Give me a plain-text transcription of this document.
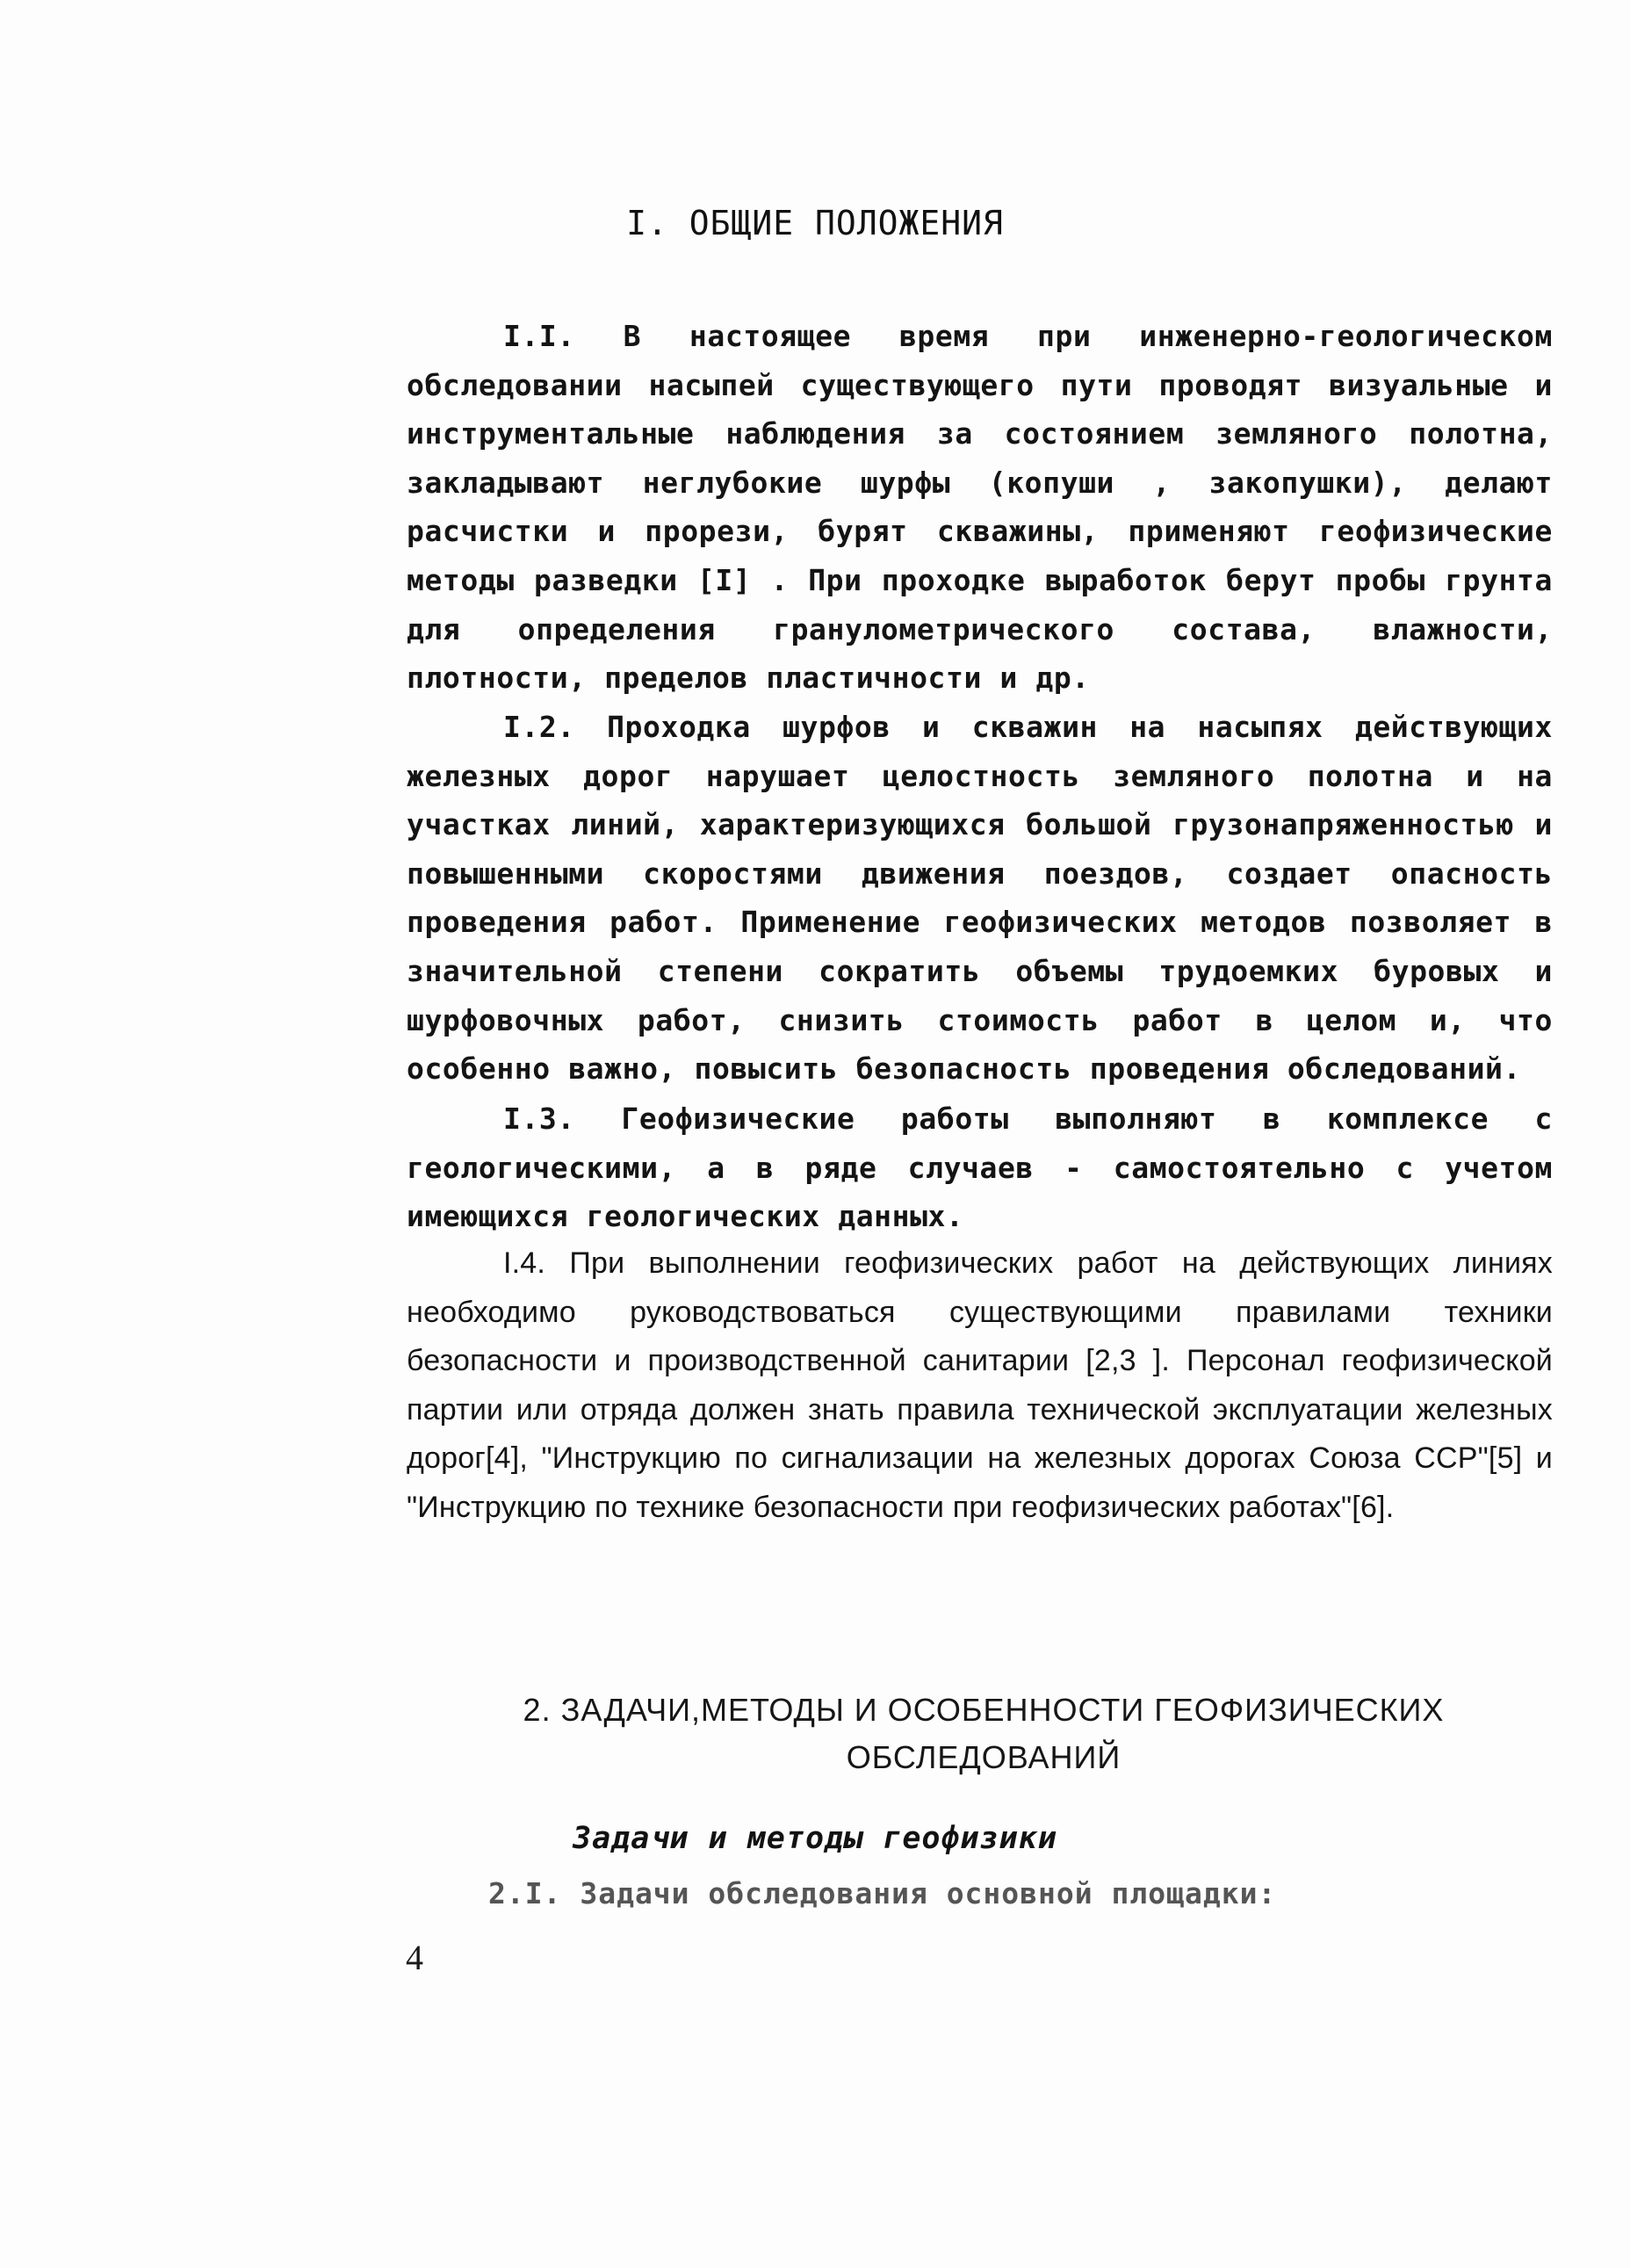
I. ОБЩИЕ ПОЛОЖЕНИЯ

I.I. В настоящее время при инженерно-геологическом обследовании насыпей существующего пути проводят визуальные и инструментальные наблюдения за состоянием земляного полотна, закладывают неглубокие шурфы (копуши , закопушки), делают расчистки и прорези, бурят скважины, применяют геофизические методы разведки [I] . При проходке выработок берут пробы грунта для определения гранулометрического состава, влажности, плотности, пределов пластичности и др.

I.2. Проходка шурфов и скважин на насыпях действующих железных дорог нарушает целостность земляного полотна и на участках линий, характеризующихся большой грузонапряженностью и повышенными скоростями движения поездов, создает опасность проведения работ. Применение геофизических методов позволяет в значительной степени сократить объемы трудоемких буровых и шурфовочных работ, снизить стоимость работ в целом и, что особенно важно, повысить безопасность проведения обследований.

I.3. Геофизические работы выполняют в комплексе с геологическими, а в ряде случаев - самостоятельно с учетом имеющихся геологических данных.

I.4. При выполнении геофизических работ на действующих линиях необходимо руководствоваться существующими правилами техники безопасности и производственной санитарии [2,3 ]. Персонал геофизической партии или отряда должен знать правила технической эксплуатации железных дорог[4], "Инструкцию по сигнализации на железных дорогах Союза ССР"[5] и "Инструкцию по технике безопасности при геофизических работах"[6].

2. ЗАДАЧИ,МЕТОДЫ И ОСОБЕННОСТИ ГЕОФИЗИЧЕСКИХ
ОБСЛЕДОВАНИЙ
Задачи и методы геофизики
2.I. Задачи обследования основной площадки:
4
